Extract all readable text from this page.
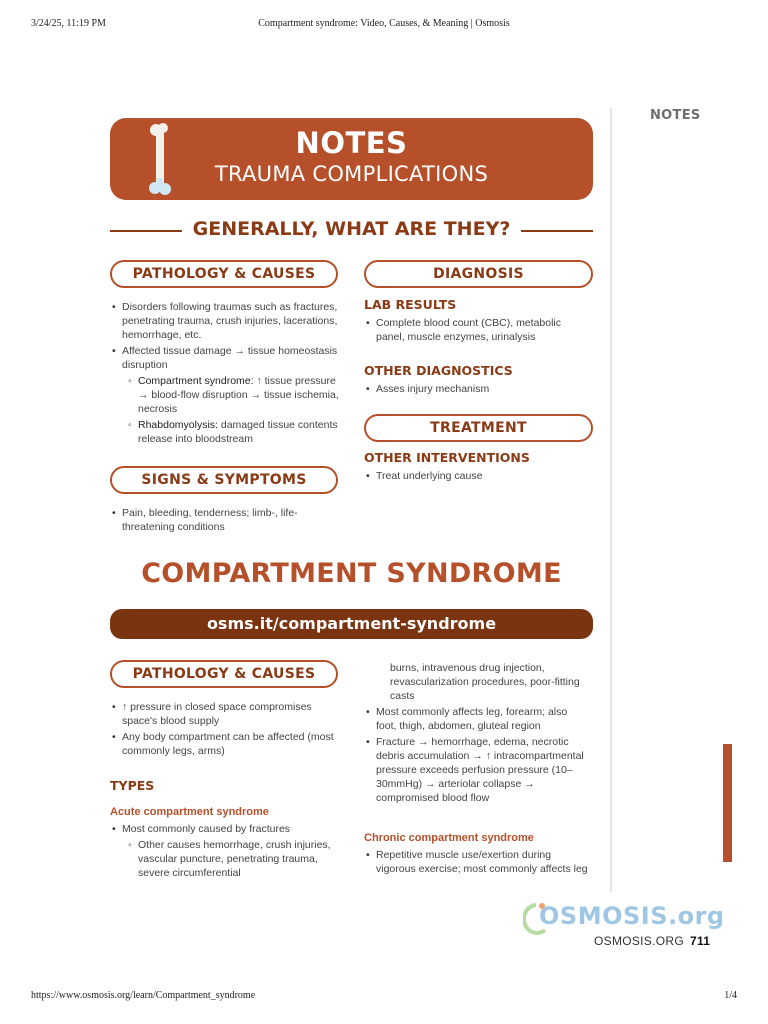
3/24/25, 11:19 PM	Compartment syndrome: Video, Causes, & Meaning | Osmosis
https://www.osmosis.org/learn/Compartment_syndrome	1/4
NOTES
NOTES
TRAUMA COMPLICATIONS
GENERALLY, WHAT ARE THEY?
PATHOLOGY & CAUSES
• Disorders following traumas such as fractures, penetrating trauma, crush injuries, lacerations, hemorrhage, etc.
• Affected tissue damage → tissue homeostasis disruption
◦ Compartment syndrome: ↑ tissue pressure → blood-flow disruption → tissue ischemia, necrosis
◦ Rhabdomyolysis: damaged tissue contents release into bloodstream
SIGNS & SYMPTOMS
• Pain, bleeding, tenderness; limb-, life-threatening conditions
DIAGNOSIS
LAB RESULTS
• Complete blood count (CBC), metabolic panel, muscle enzymes, urinalysis
OTHER DIAGNOSTICS
• Asses injury mechanism
TREATMENT
OTHER INTERVENTIONS
• Treat underlying cause
COMPARTMENT SYNDROME
osms.it/compartment-syndrome
PATHOLOGY & CAUSES
• ↑ pressure in closed space compromises space's blood supply
• Any body compartment can be affected (most commonly legs, arms)
TYPES
Acute compartment syndrome
• Most commonly caused by fractures
◦ Other causes hemorrhage, crush injuries, vascular puncture, penetrating trauma, severe circumferential
burns, intravenous drug injection, revascularization procedures, poor-fitting casts
• Most commonly affects leg, forearm; also foot, thigh, abdomen, gluteal region
• Fracture → hemorrhage, edema, necrotic debris accumulation → ↑ intracompartmental pressure exceeds perfusion pressure (10–30mmHg) → arteriolar collapse → compromised blood flow
Chronic compartment syndrome
• Repetitive muscle use/exertion during vigorous exercise; most commonly affects leg
OSMOSIS.org
OSMOSIS.ORG 711
